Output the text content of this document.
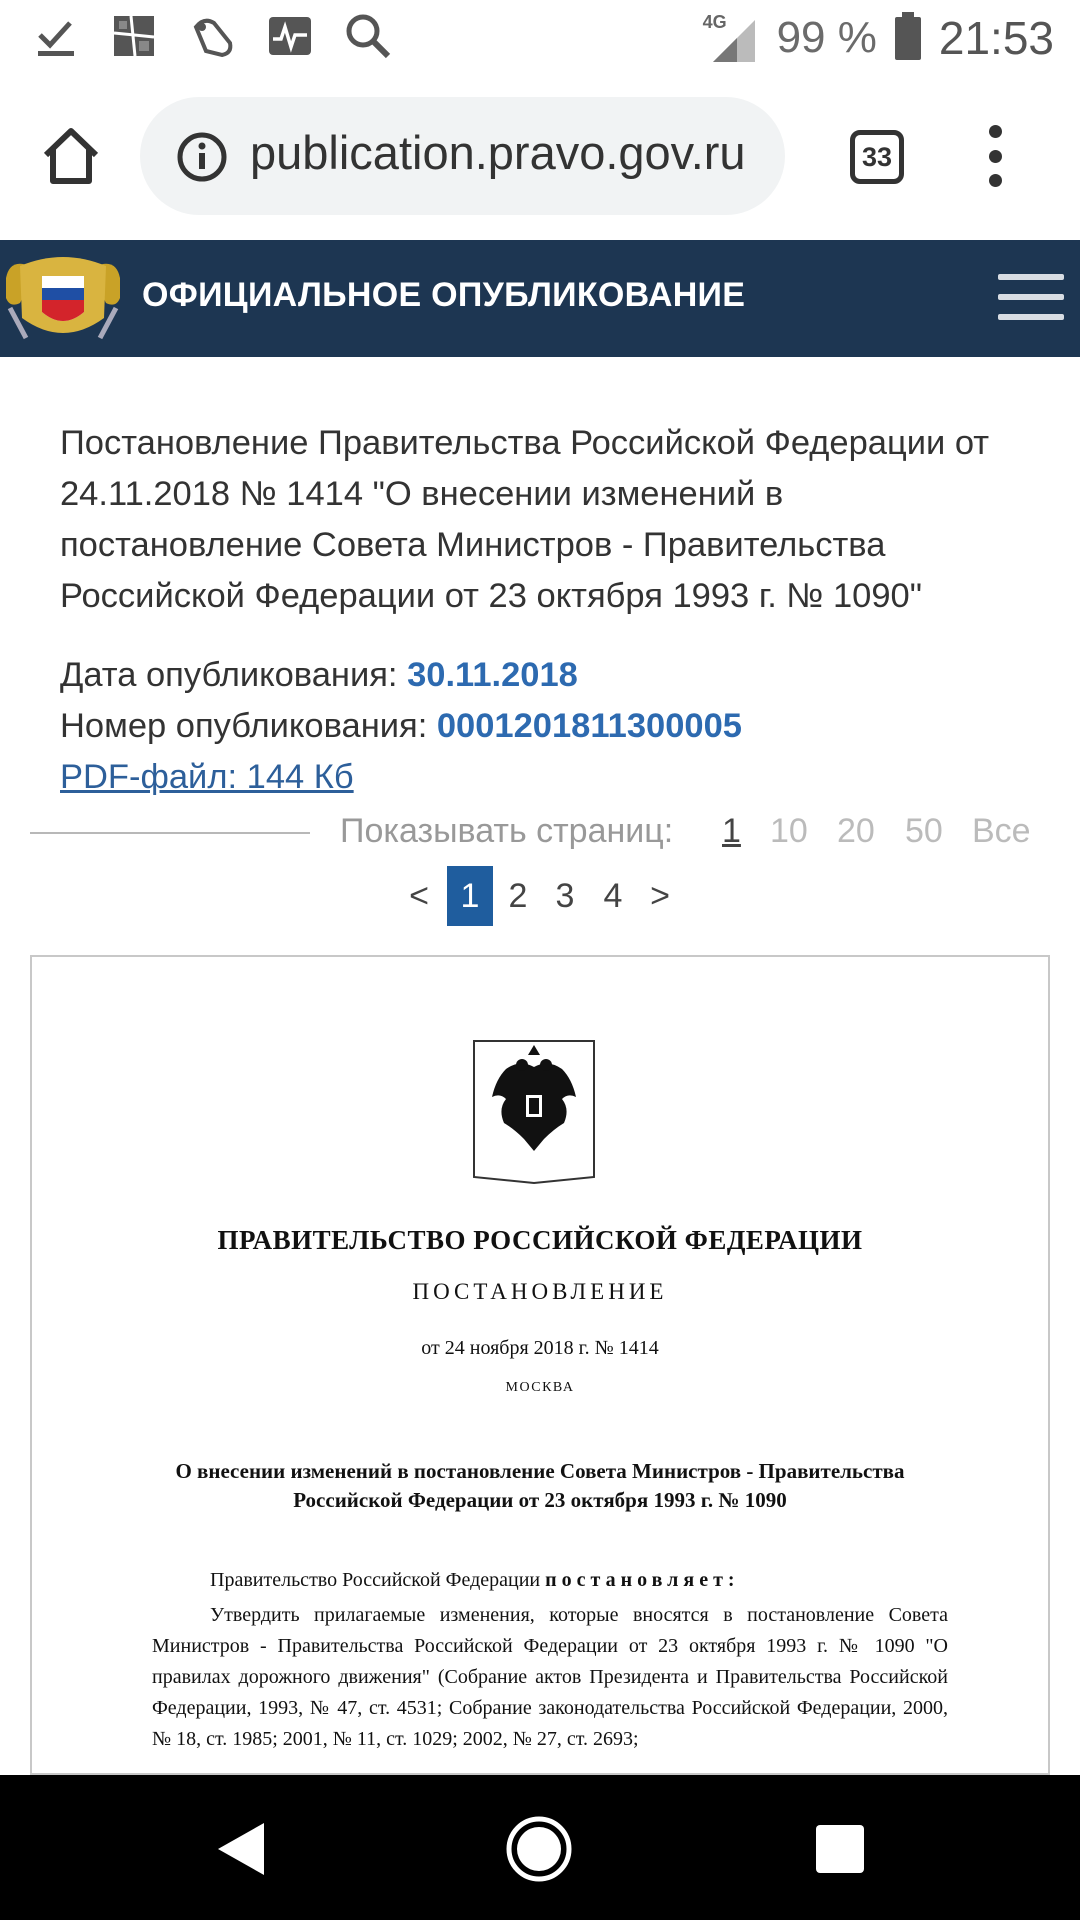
4G 99 % 21:53
publication.pravo.gov.ru	33
ОФИЦИАЛЬНОЕ ОПУБЛИКОВАНИЕ
Постановление Правительства Российской Федерации от 24.11.2018 № 1414 "О внесении изменений в постановление Совета Министров - Правительства Российской Федерации от 23 октября 1993 г. № 1090"
Дата опубликования: 30.11.2018
Номер опубликования: 0001201811300005
PDF-файл: 144 Кб
Показывать страниц: 1 10 20 50 Все
< 1 2 3 4 >
ПРАВИТЕЛЬСТВО РОССИЙСКОЙ ФЕДЕРАЦИИ
ПОСТАНОВЛЕНИЕ
от 24 ноября 2018 г. № 1414
МОСКВА
О внесении изменений в постановление Совета Министров - Правительства Российской Федерации от 23 октября 1993 г. № 1090
Правительство Российской Федерации постановляет:
Утвердить прилагаемые изменения, которые вносятся в постановление Совета Министров - Правительства Российской Федерации от 23 октября 1993 г. № 1090 "О правилах дорожного движения" (Собрание актов Президента и Правительства Российской Федерации, 1993, № 47, ст. 4531; Собрание законодательства Российской Федерации, 2000, № 18, ст. 1985; 2001, № 11, ст. 1029; 2002, № 27, ст. 2693;
